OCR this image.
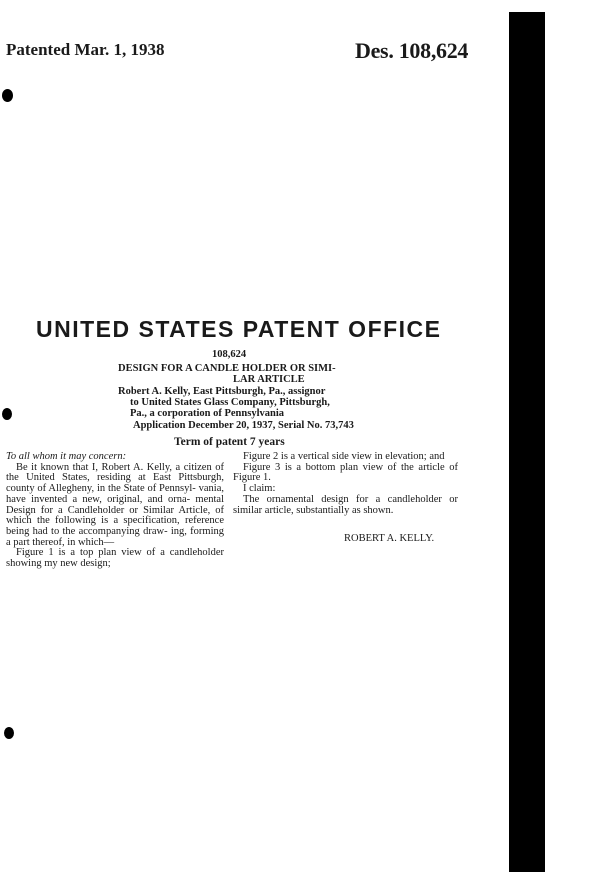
Patented Mar. 1, 1938	Des. 108,624
UNITED STATES PATENT OFFICE
108,624
DESIGN FOR A CANDLE HOLDER OR SIMI-
LAR ARTICLE
Robert A. Kelly, East Pittsburgh, Pa., assignor
to United States Glass Company, Pittsburgh,
Pa., a corporation of Pennsylvania
Application December 20, 1937, Serial No. 73,743
Term of patent 7 years

To all whom it may concern:

Be it known that I, Robert A. Kelly, a citizen of the United States, residing at East Pittsburgh, county of Allegheny, in the State of Pennsyl- vania, have invented a new, original, and orna- mental Design for a Candleholder or Similar Article, of which the following is a specification, reference being had to the accompanying draw- ing, forming a part thereof, in which—

Figure 1 is a top plan view of a candleholder showing my new design;

Figure 2 is a vertical side view in elevation; and

Figure 3 is a bottom plan view of the article of Figure 1.

I claim:

The ornamental design for a candleholder or similar article, substantially as shown.

ROBERT A. KELLY.
